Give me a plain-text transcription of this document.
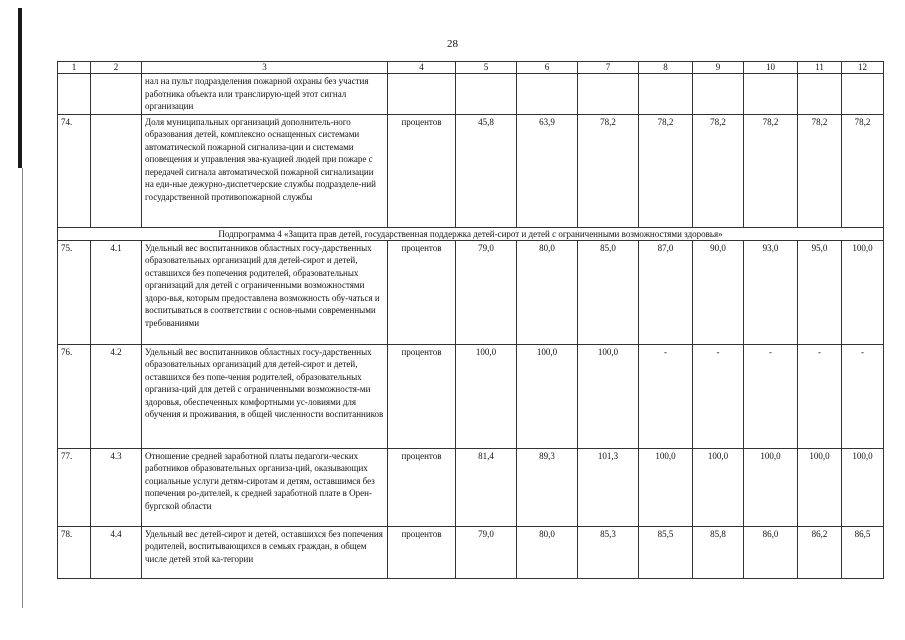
28
1	2	3	4	5	6	7	8	9	10	11	12
		нал на пульт подразделения пожарной охраны без участия работника объекта или транслирую-щей этот сигнал организации									
74.		Доля муниципальных организаций дополнитель-ного образования детей, комплексно оснащенных системами автоматической пожарной сигнализа-ции и системами оповещения и управления эва-куацией людей при пожаре с передачей сигнала автоматической пожарной сигнализации на еди-ные дежурно-диспетчерские службы подразделе-ний государственной противопожарной службы	процентов	45,8	63,9	78,2	78,2	78,2	78,2	78,2	78,2
Подпрограмма 4 «Защита прав детей, государственная поддержка детей-сирот и детей с ограниченными возможностями здоровья»											
75.	4.1	Удельный вес воспитанников областных госу-дарственных образовательных организаций для детей-сирот и детей, оставшихся без попечения родителей, образовательных организаций для детей с ограниченными возможностями здоро-вья, которым предоставлена возможность обу-чаться и воспитываться в соответствии с основ-ными современными требованиями	процентов	79,0	80,0	85,0	87,0	90,0	93,0	95,0	100,0
76.	4.2	Удельный вес воспитанников областных госу-дарственных образовательных организаций для детей-сирот и детей, оставшихся без попе-чения родителей, образовательных организа-ций для детей с ограниченными возможностя-ми здоровья, обеспеченных комфортными ус-ловиями для обучения и проживания, в общей численности воспитанников	процентов	100,0	100,0	100,0	-	-	-	-	-
77.	4.3	Отношение средней заработной платы педагоги-ческих работников образовательных организа-ций, оказывающих социальные услуги детям-сиротам и детям, оставшимся без попечения ро-дителей, к средней заработной плате в Орен-бургской области	процентов	81,4	89,3	101,3	100,0	100,0	100,0	100,0	100,0
78.	4.4	Удельный вес детей-сирот и детей, оставшихся без попечения родителей, воспитывающихся в семьях граждан, в общем числе детей этой ка-тегории	процентов	79,0	80,0	85,3	85,5	85,8	86,0	86,2	86,5
